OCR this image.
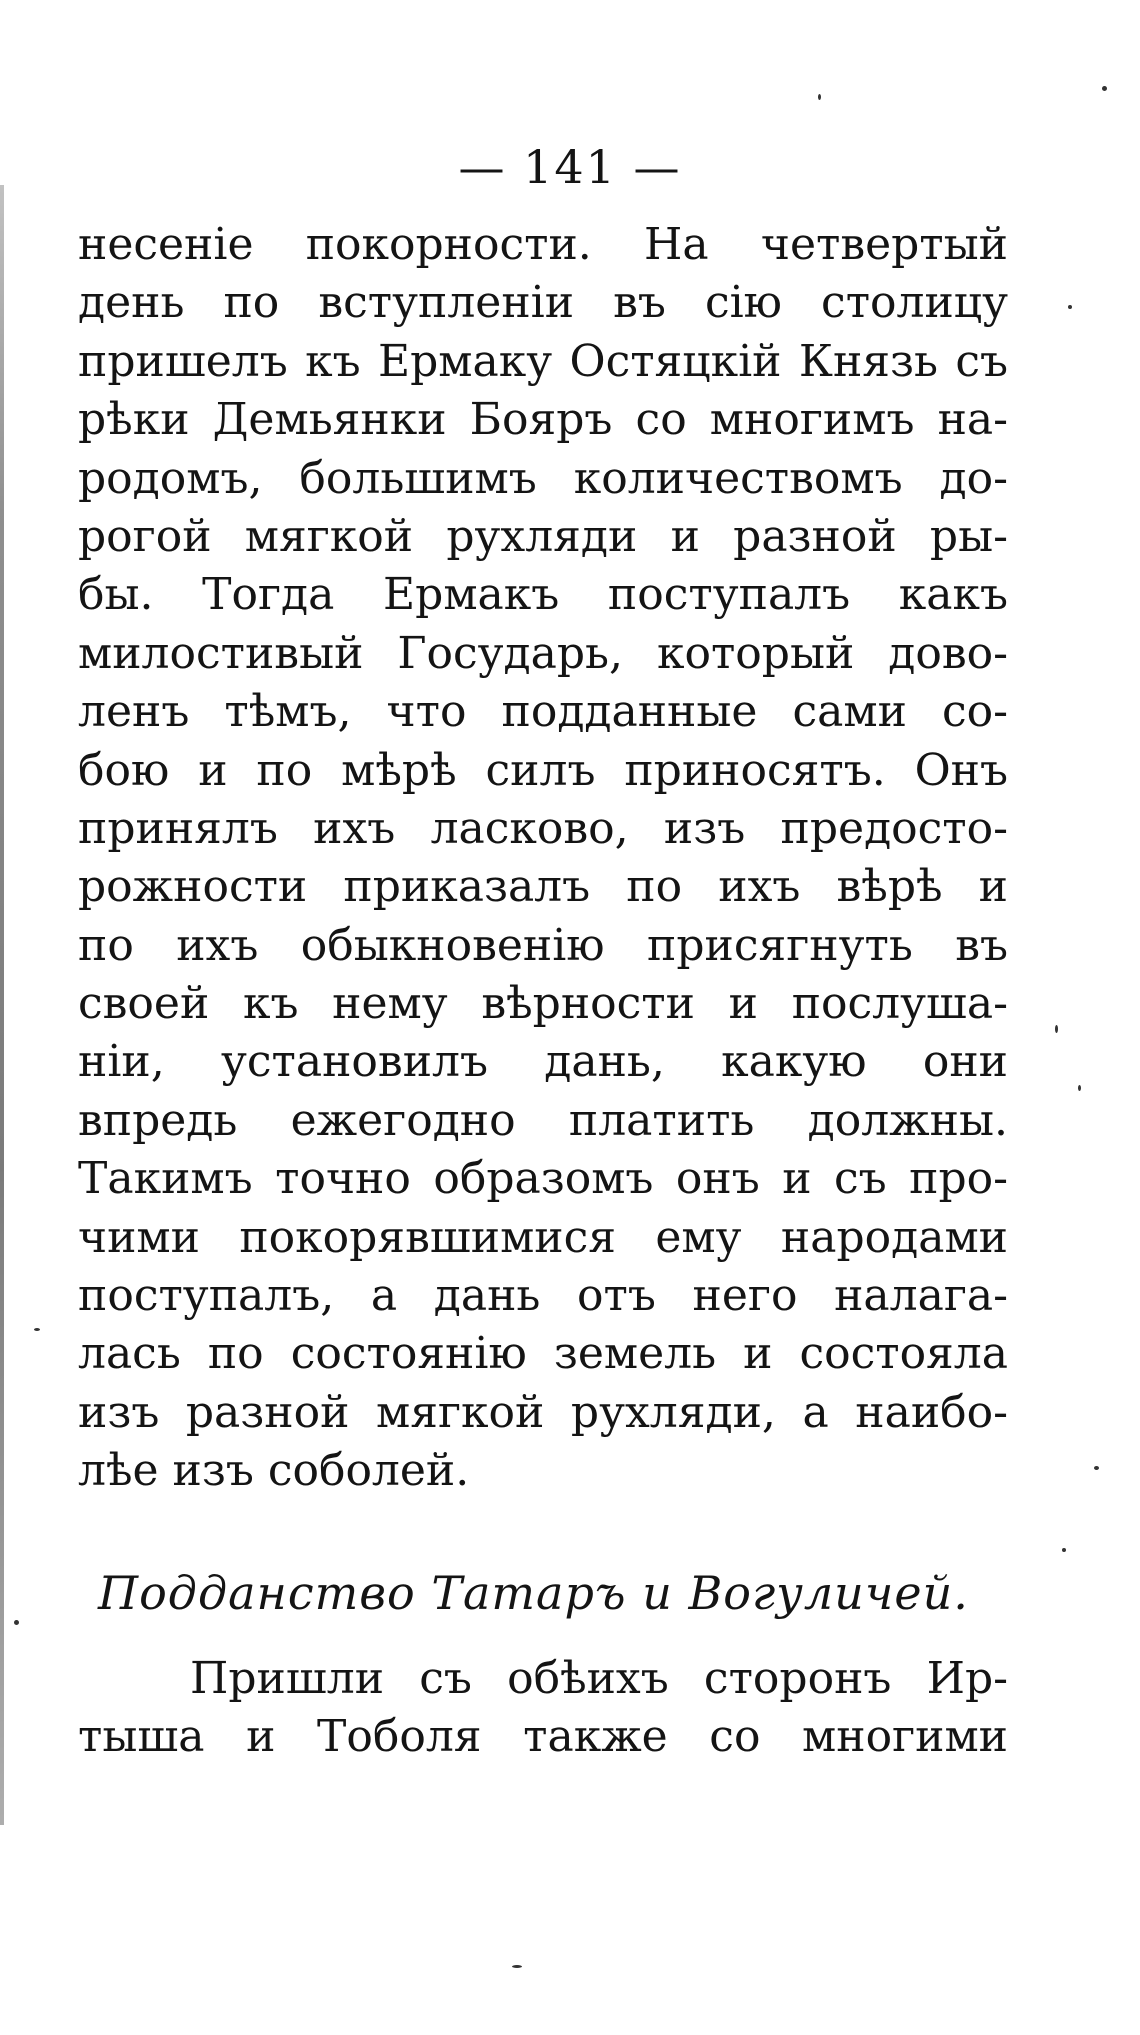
— 141 —
несенiе покорности. На четвертый
день по вступленiи въ сiю столицу
пришелъ къ Ермаку Остяцкiй Князь съ
рѣки Демьянки Бояръ со многимъ на-
родомъ, большимъ количествомъ до-
рогой мягкой рухляди и разной ры-
бы. Тогда Ермакъ поступалъ какъ
милостивый Государь, который дово-
ленъ тѣмъ, что подданные сами со-
бою и по мѣрѣ силъ приносятъ. Онъ
принялъ ихъ ласково, изъ предосто-
рожности приказалъ по ихъ вѣрѣ и
по ихъ обыкновенiю присягнуть въ
своей къ нему вѣрности и послуша-
нiи, установилъ дань, какую они
впредь ежегодно платить должны.
Такимъ точно образомъ онъ и съ про-
чими покорявшимися ему народами
поступалъ, а дань отъ него налага-
лась по состоянiю земель и состояла
изъ разной мягкой рухляди, а наибо-
лѣе изъ соболей.
Подданство Татаръ и Вогуличей.
Пришли съ обѣихъ сторонъ Ир-
тыша и Тоболя также со многими
